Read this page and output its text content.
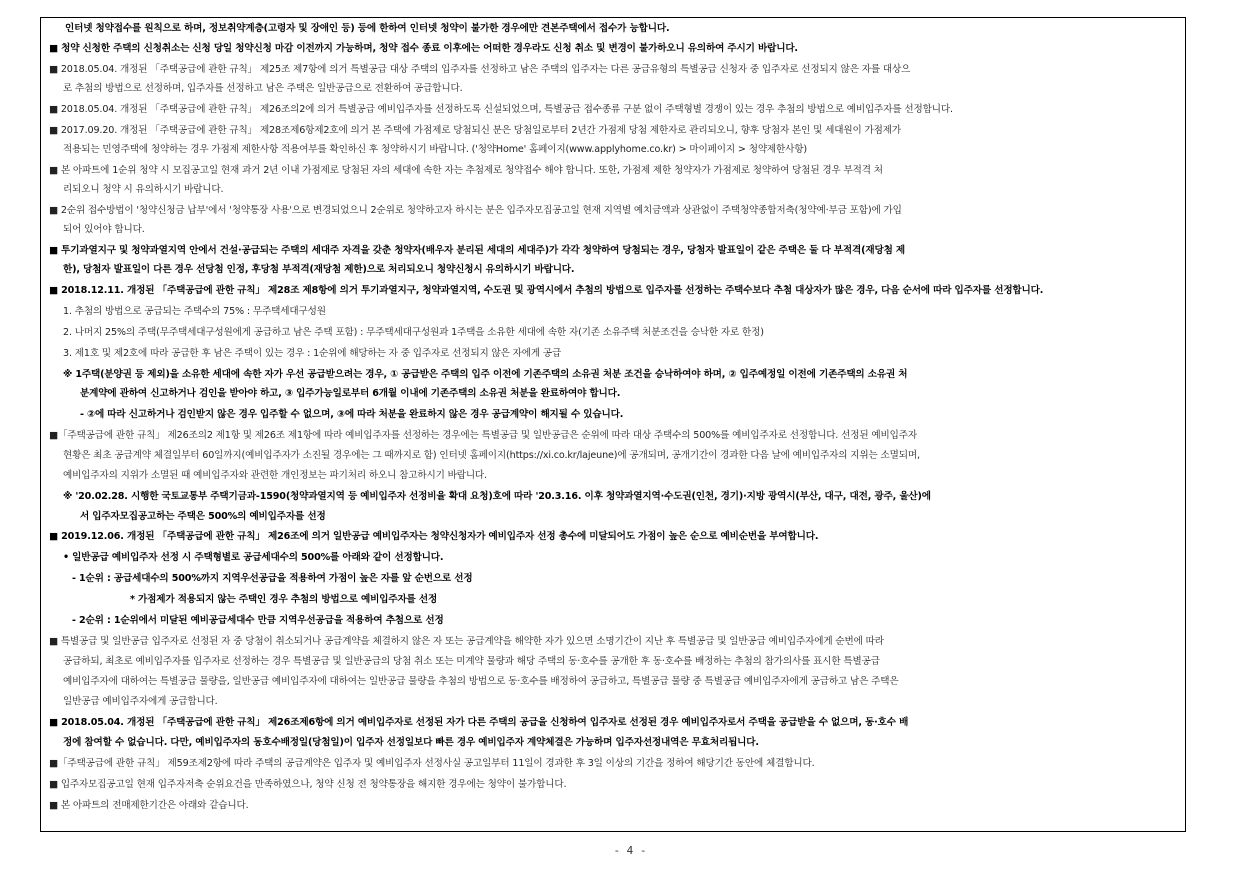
인터넷 청약접수를 원칙으로 하며, 정보취약계층(고령자 및 장애인 등) 등에 한하여 인터넷 청약이 불가한 경우에만 견본주택에서 접수가 능합니다.
■ 청약 신청한 주택의 신청취소는 신청 당일 청약신청 마감 이전까지 가능하며, 청약 접수 종료 이후에는 어떠한 경우라도 신청 취소 및 변경이 불가하오니 유의하여 주시기 바랍니다.
■ 2018.05.04. 개정된 「주택공급에 관한 규칙」 제25조 제7항에 의거 특별공급 대상 주택의 입주자를 선정하고 남은 주택의 입주자는 다른 공급유형의 특별공급 신청자 중 입주자로 선정되지 않은 자를 대상으
로 추첨의 방법으로 선정하며, 입주자를 선정하고 남은 주택은 일반공급으로 전환하여 공급합니다.
■ 2018.05.04. 개정된 「주택공급에 관한 규칙」 제26조의2에 의거 특별공급 예비입주자를 선정하도록 신설되었으며, 특별공급 접수종류 구분 없이 주택형별 경쟁이 있는 경우 추첨의 방법으로 예비입주자를 선정합니다.
■ 2017.09.20. 개정된 「주택공급에 관한 규칙」 제28조제6항제2호에 의거 본 주택에 가점제로 당첨되신 분은 당첨일로부터 2년간 가점제 당첨 제한자로 관리되오니, 향후 당첨자 본인 및 세대원이 가점제가
적용되는 민영주택에 청약하는 경우 가점제 제한사항 적용여부를 확인하신 후 청약하시기 바랍니다. ('청약Home' 홈페이지(www.applyhome.co.kr) > 마이페이지 > 청약제한사항)
■ 본 아파트에 1순위 청약 시 모집공고일 현재 과거 2년 이내 가점제로 당첨된 자의 세대에 속한 자는 추첨제로 청약접수 해야 합니다. 또한, 가점제 제한 청약자가 가점제로 청약하여 당첨된 경우 부적격 처
리되오니 청약 시 유의하시기 바랍니다.
■ 2순위 접수방법이 '청약신청금 납부'에서 '청약통장 사용'으로 변경되었으니 2순위로 청약하고자 하시는 분은 입주자모집공고일 현재 지역별 예치금액과 상관없이 주택청약종합저축(청약예·부금 포함)에 가입
되어 있어야 합니다.
■ 투기과열지구 및 청약과열지역 안에서 건설·공급되는 주택의 세대주 자격을 갖춘 청약자(배우자 분리된 세대의 세대주)가 각각 청약하여 당첨되는 경우, 당첨자 발표일이 같은 주택은 둘 다 부적격(재당첨 제
한), 당첨자 발표일이 다른 경우 선당첨 인정, 후당첨 부적격(재당첨 제한)으로 처리되오니 청약신청시 유의하시기 바랍니다.
■ 2018.12.11. 개정된 「주택공급에 관한 규칙」 제28조 제8항에 의거 투기과열지구, 청약과열지역, 수도권 및 광역시에서 추첨의 방법으로 입주자를 선정하는 주택수보다 추첨 대상자가 많은 경우, 다음 순서에 따라 입주자를 선정합니다.
1. 추첨의 방법으로 공급되는 주택수의 75% : 무주택세대구성원
2. 나머지 25%의 주택(무주택세대구성원에게 공급하고 남은 주택 포함) : 무주택세대구성원과 1주택을 소유한 세대에 속한 자(기존 소유주택 처분조건을 승낙한 자로 한정)
3. 제1호 및 제2호에 따라 공급한 후 남은 주택이 있는 경우 : 1순위에 해당하는 자 중 입주자로 선정되지 않은 자에게 공급
※ 1주택(분양권 등 제외)을 소유한 세대에 속한 자가 우선 공급받으려는 경우, ① 공급받은 주택의 입주 이전에 기존주택의 소유권 처분 조건을 승낙하여야 하며, ② 입주예정일 이전에 기존주택의 소유권 처
분계약에 관하여 신고하거나 검인을 받아야 하고, ③ 입주가능일로부터 6개월 이내에 기존주택의 소유권 처분을 완료하여야 합니다.
- ②에 따라 신고하거나 검인받지 않은 경우 입주할 수 없으며, ③에 따라 처분을 완료하지 않은 경우 공급계약이 해지될 수 있습니다.
■「주택공급에 관한 규칙」 제26조의2 제1항 및 제26조 제1항에 따라 예비입주자를 선정하는 경우에는 특별공급 및 일반공급은 순위에 따라 대상 주택수의 500%를 예비입주자로 선정합니다. 선정된 예비입주자
현황은 최초 공급계약 체결일부터 60일까지(예비입주자가 소진될 경우에는 그 때까지로 함) 인터넷 홈페이지(https://xi.co.kr/lajeune)에 공개되며, 공개기간이 경과한 다음 날에 예비입주자의 지위는 소멸되며,
예비입주자의 지위가 소멸된 때 예비입주자와 관련한 개인정보는 파기처리 하오니 참고하시기 바랍니다.
※ '20.02.28. 시행한 국토교통부 주택기금과-1590(청약과열지역 등 예비입주자 선정비율 확대 요청)호에 따라 '20.3.16. 이후 청약과열지역·수도권(인천, 경기)·지방 광역시(부산, 대구, 대전, 광주, 울산)에
서 입주자모집공고하는 주택은 500%의 예비입주자를 선정
■ 2019.12.06. 개정된 「주택공급에 관한 규칙」 제26조에 의거 일반공급 예비입주자는 청약신청자가 예비입주자 선정 총수에 미달되어도 가점이 높은 순으로 예비순번을 부여합니다.
• 일반공급 예비입주자 선정 시 주택형별로 공급세대수의 500%를 아래와 같이 선정합니다.
- 1순위 : 공급세대수의 500%까지 지역우선공급을 적용하여 가점이 높은 자를 앞 순번으로 선정
* 가점제가 적용되지 않는 주택인 경우 추첨의 방법으로 예비입주자를 선정
- 2순위 : 1순위에서 미달된 예비공급세대수 만큼 지역우선공급을 적용하여 추첨으로 선정
■ 특별공급 및 일반공급 입주자로 선정된 자 중 당첨이 취소되거나 공급계약을 체결하지 않은 자 또는 공급계약을 해약한 자가 있으면 소명기간이 지난 후 특별공급 및 일반공급 예비입주자에게 순번에 따라
공급하되, 최초로 예비입주자를 입주자로 선정하는 경우 특별공급 및 일반공급의 당첨 취소 또는 미계약 물량과 해당 주택의 동·호수를 공개한 후 동·호수를 배정하는 추첨의 참가의사를 표시한 특별공급
예비입주자에 대하여는 특별공급 물량을, 일반공급 예비입주자에 대하여는 일반공급 물량을 추첨의 방법으로 동·호수를 배정하여 공급하고, 특별공급 물량 중 특별공급 예비입주자에게 공급하고 남은 주택은
일반공급 예비입주자에게 공급합니다.
■ 2018.05.04. 개정된 「주택공급에 관한 규칙」 제26조제6항에 의거 예비입주자로 선정된 자가 다른 주택의 공급을 신청하여 입주자로 선정된 경우 예비입주자로서 주택을 공급받을 수 없으며, 동·호수 배
정에 참여할 수 없습니다. 다만, 예비입주자의 동호수배정일(당첨일)이 입주자 선정일보다 빠른 경우 예비입주자 계약체결은 가능하며 입주자선정내역은 무효처리됩니다.
■「주택공급에 관한 규칙」 제59조제2항에 따라 주택의 공급계약은 입주자 및 예비입주자 선정사실 공고일부터 11일이 경과한 후 3일 이상의 기간을 정하여 해당기간 동안에 체결합니다.
■ 입주자모집공고일 현재 입주자저축 순위요건을 만족하였으나, 청약 신청 전 청약통장을 해지한 경우에는 청약이 불가합니다.
■ 본 아파트의 전매제한기간은 아래와 같습니다.
- 4 -
